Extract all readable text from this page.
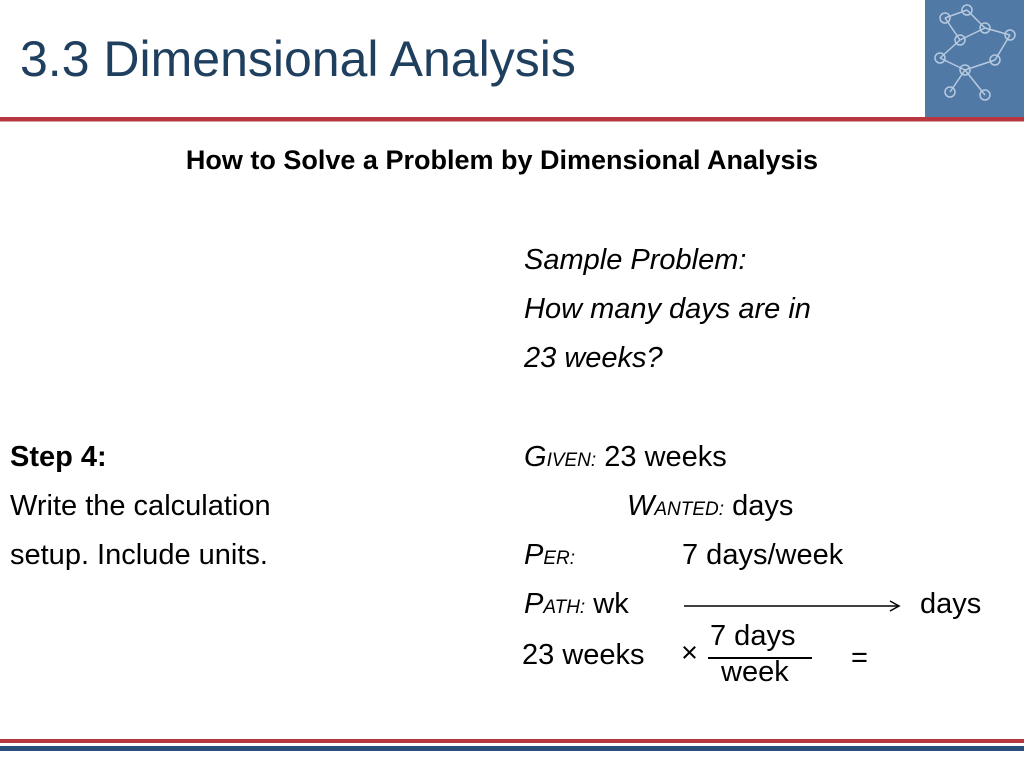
3.3 Dimensional Analysis
How to Solve a Problem by Dimensional Analysis
Step 4:
Write the calculation
setup. Include units.
Sample Problem:
How many days are in
23 weeks?
GIVEN: 23 weeks
WANTED: days
PER:	7 days/week
PATH: wk	days
23 weeks ×
7 days
week =
